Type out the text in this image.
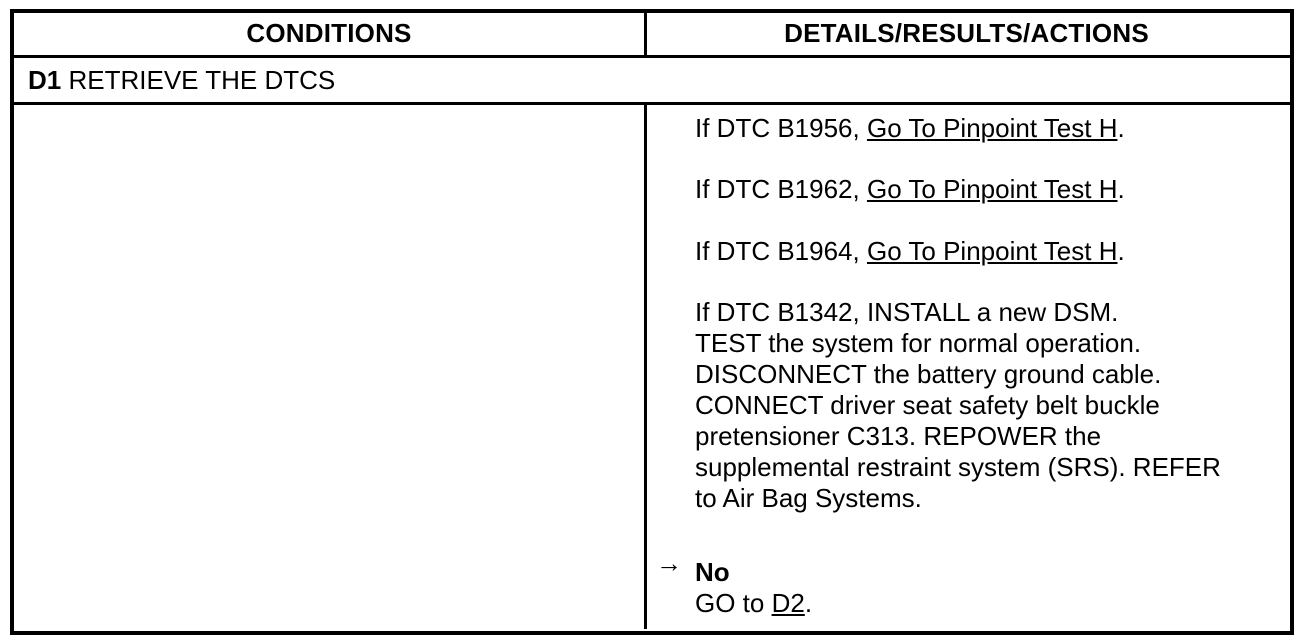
CONDITIONS	DETAILS/RESULTS/ACTIONS
D1 RETRIEVE THE DTCS
If DTC B1956, Go To Pinpoint Test H.
If DTC B1962, Go To Pinpoint Test H.
If DTC B1964, Go To Pinpoint Test H.
If DTC B1342, INSTALL a new DSM.
TEST the system for normal operation.
DISCONNECT the battery ground cable.
CONNECT driver seat safety belt buckle
pretensioner C313. REPOWER the
supplemental restraint system (SRS). REFER
to Air Bag Systems.
→ No
GO to D2.
